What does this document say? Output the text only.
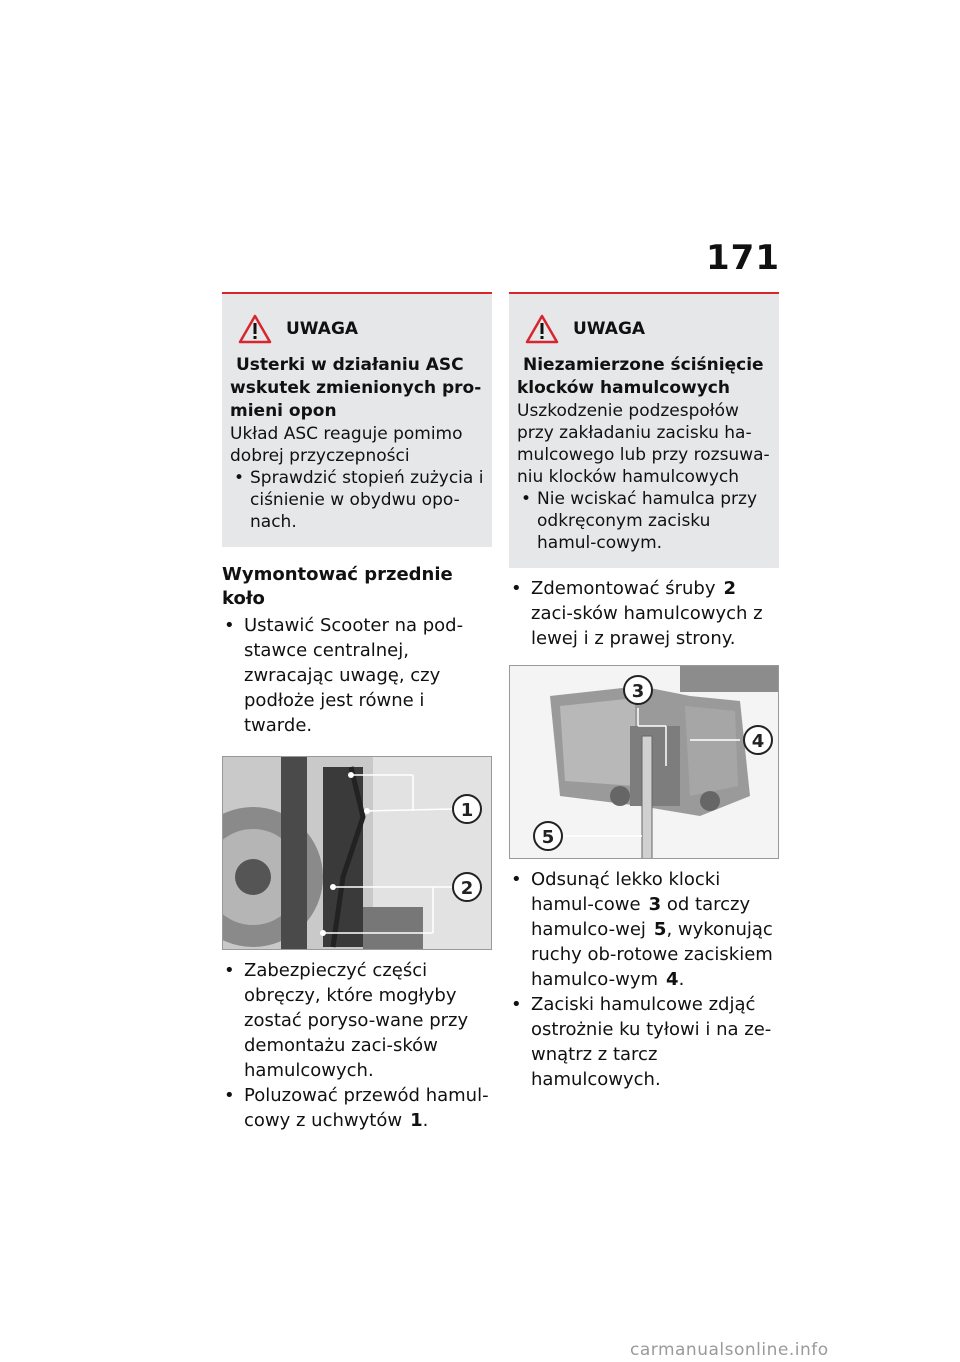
171
UWAGA

Usterki w działaniu ASC
wskutek zmienionych pro-
mieni opon

Układ ASC reaguje pomimo dobrej przyczepności

• Sprawdzić stopień zużycia i ciśnienie w obydwu opo-nach.
Wymontować przednie koło
• Ustawić Scooter na pod-stawce centralnej, zwracając uwagę, czy podłoże jest równe i twarde.
1
2
• Zabezpieczyć części obręczy, które mogłyby zostać poryso-wane przy demontażu zaci-sków hamulcowych.
• Poluzować przewód hamul-cowy z uchwytów 1.
UWAGA

Niezamierzone ściśnięcie
klocków hamulcowych

Uszkodzenie podzespołów przy zakładaniu zacisku ha-mulcowego lub przy rozsuwa-niu klocków hamulcowych

• Nie wciskać hamulca przy odkręconym zacisku hamul-cowym.
• Zdemontować śruby 2 zaci-sków hamulcowych z lewej i z prawej strony.
3
4
5
• Odsunąć lekko klocki hamul-cowe 3 od tarczy hamulco-wej 5, wykonując ruchy ob-rotowe zaciskiem hamulco-wym 4.
• Zaciski hamulcowe zdjąć ostrożnie ku tyłowi i na ze-wnątrz z tarcz hamulcowych.
carmanualsonline.info
